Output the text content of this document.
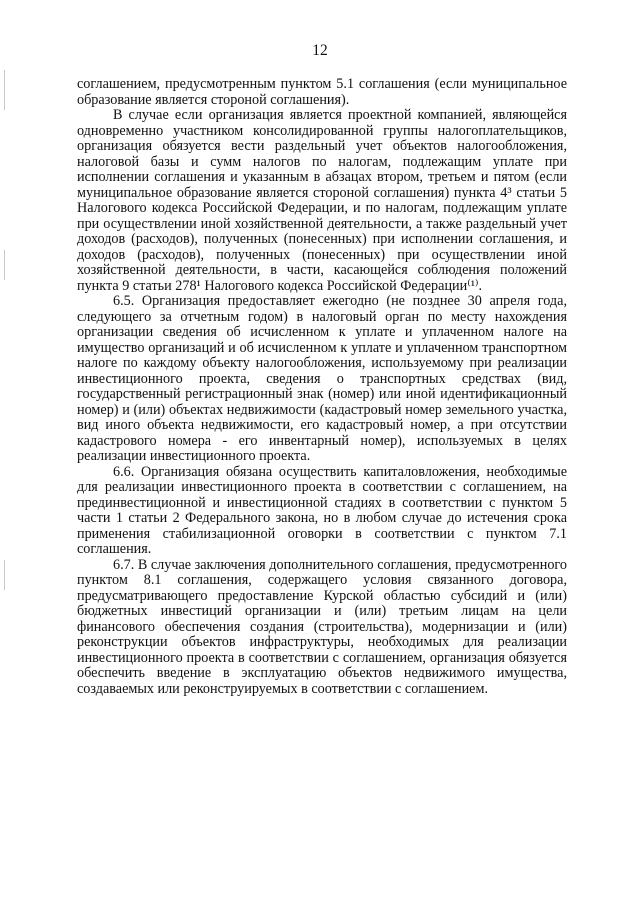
12

соглашением, предусмотренным пунктом 5.1 соглашения (если муниципальное образование является стороной соглашения).

В случае если организация является проектной компанией, являющейся одновременно участником консолидированной группы налогоплательщиков, организация обязуется вести раздельный учет объектов налогообложения, налоговой базы и сумм налогов по налогам, подлежащим уплате при исполнении соглашения и указанным в абзацах втором, третьем и пятом (если муниципальное образование является стороной соглашения) пункта 4³ статьи 5 Налогового кодекса Российской Федерации, и по налогам, подлежащим уплате при осуществлении иной хозяйственной деятельности, а также раздельный учет доходов (расходов), полученных (понесенных) при исполнении соглашения, и доходов (расходов), полученных (понесенных) при осуществлении иной хозяйственной деятельности, в части, касающейся соблюдения положений пункта 9 статьи 278¹ Налогового кодекса Российской Федерации⁽¹⁾.

6.5. Организация предоставляет ежегодно (не позднее 30 апреля года, следующего за отчетным годом) в налоговый орган по месту нахождения организации сведения об исчисленном к уплате и уплаченном налоге на имущество организаций и об исчисленном к уплате и уплаченном транспортном налоге по каждому объекту налогообложения, используемому при реализации инвестиционного проекта, сведения о транспортных средствах (вид, государственный регистрационный знак (номер) или иной идентификационный номер) и (или) объектах недвижимости (кадастровый номер земельного участка, вид иного объекта недвижимости, его кадастровый номер, а при отсутствии кадастрового номера - его инвентарный номер), используемых в целях реализации инвестиционного проекта.

6.6. Организация обязана осуществить капиталовложения, необходимые для реализации инвестиционного проекта в соответствии с соглашением, на прединвестиционной и инвестиционной стадиях в соответствии с пунктом 5 части 1 статьи 2 Федерального закона, но в любом случае до истечения срока применения стабилизационной оговорки в соответствии с пунктом 7.1 соглашения.

6.7. В случае заключения дополнительного соглашения, предусмотренного пунктом 8.1 соглашения, содержащего условия связанного договора, предусматривающего предоставление Курской областью субсидий и (или) бюджетных инвестиций организации и (или) третьим лицам на цели финансового обеспечения создания (строительства), модернизации и (или) реконструкции объектов инфраструктуры, необходимых для реализации инвестиционного проекта в соответствии с соглашением, организация обязуется обеспечить введение в эксплуатацию объектов недвижимого имущества, создаваемых или реконструируемых в соответствии с соглашением.
